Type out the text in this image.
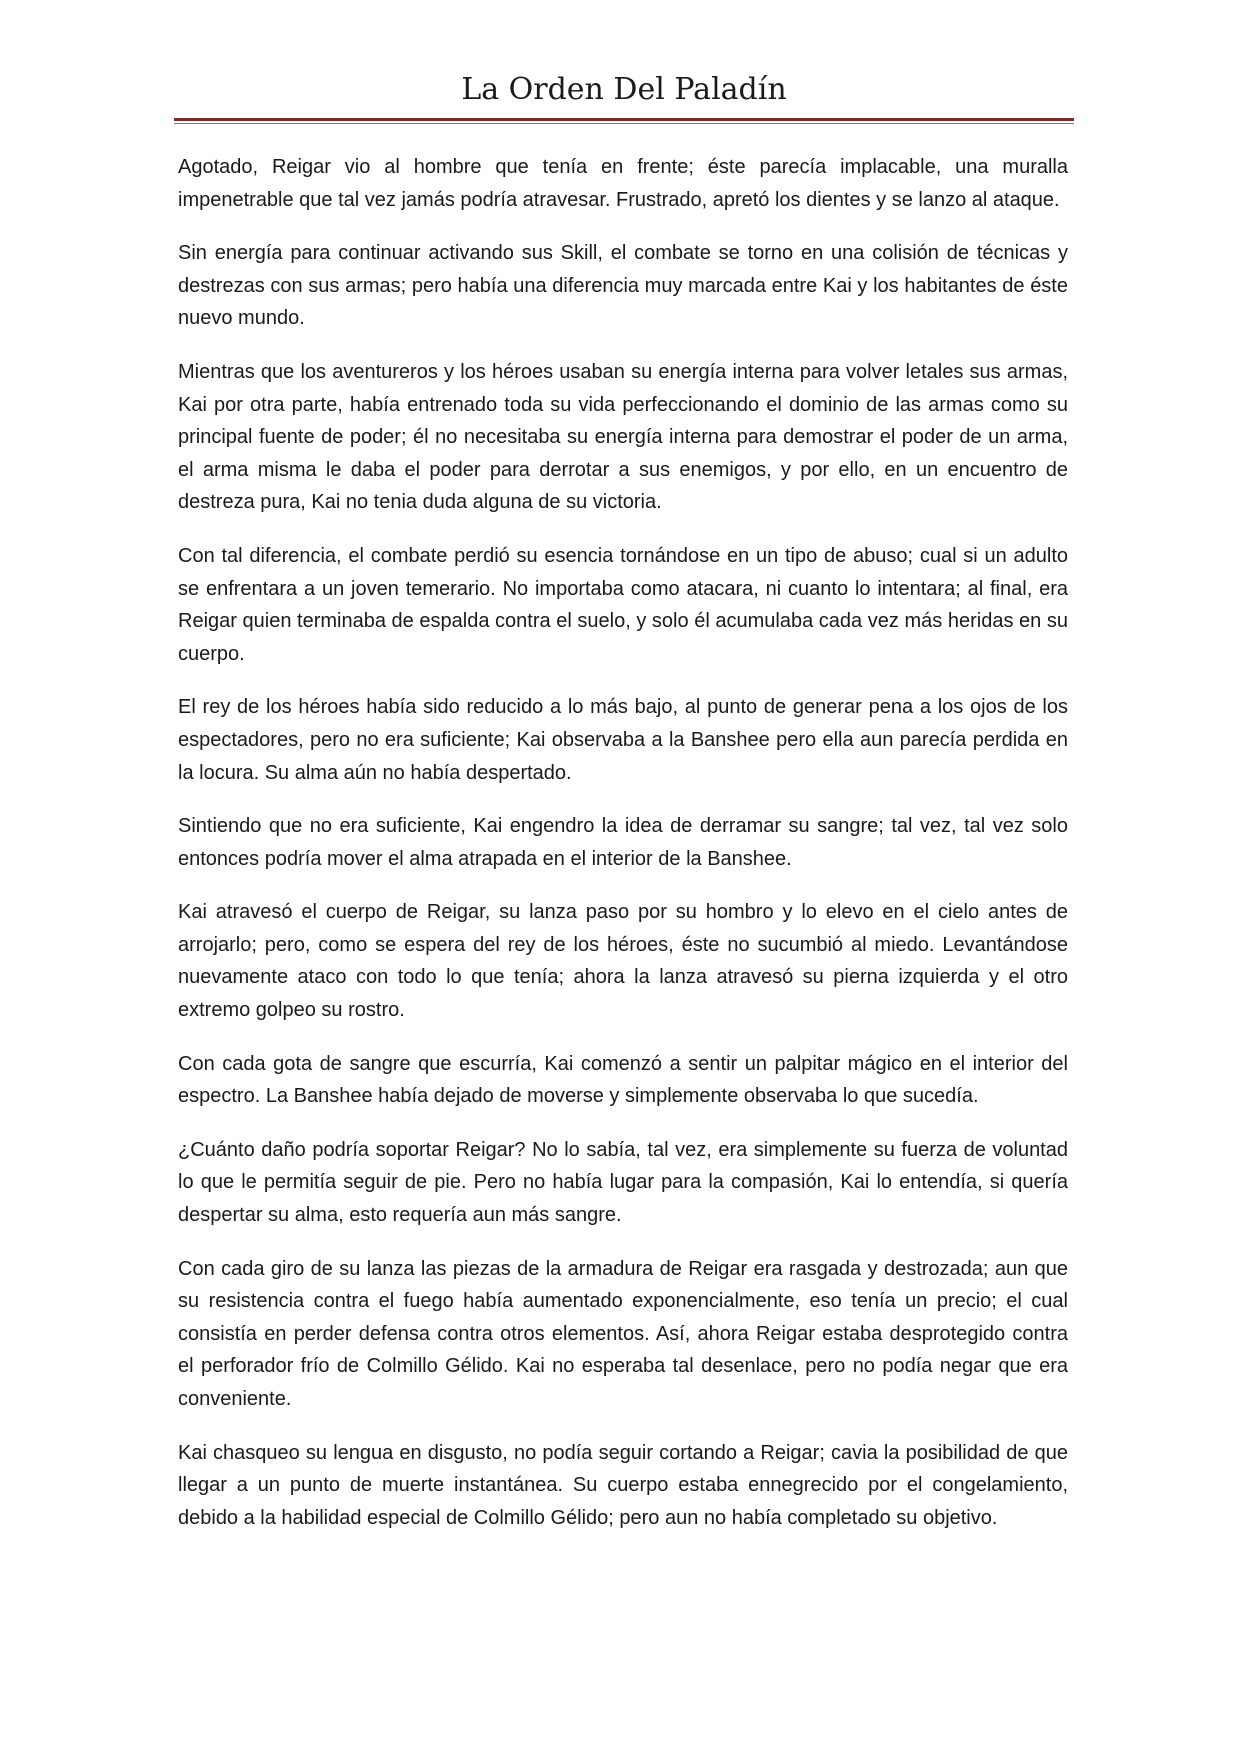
La Orden Del Paladín

Agotado, Reigar vio al hombre que tenía en frente; éste parecía implacable, una muralla impenetrable que tal vez jamás podría atravesar. Frustrado, apretó los dientes y se lanzo al ataque.

Sin energía para continuar activando sus Skill, el combate se torno en una colisión de técnicas y destrezas con sus armas; pero había una diferencia muy marcada entre Kai y los habitantes de éste nuevo mundo.

Mientras que los aventureros y los héroes usaban su energía interna para volver letales sus armas, Kai por otra parte, había entrenado toda su vida perfeccionando el dominio de las armas como su principal fuente de poder; él no necesitaba su energía interna para demostrar el poder de un arma, el arma misma le daba el poder para derrotar a sus enemigos, y por ello, en un encuentro de destreza pura, Kai no tenia duda alguna de su victoria.

Con tal diferencia, el combate perdió su esencia tornándose en un tipo de abuso; cual si un adulto se enfrentara a un joven temerario. No importaba como atacara, ni cuanto lo intentara; al final, era Reigar quien terminaba de espalda contra el suelo, y solo él acumulaba cada vez más heridas en su cuerpo.

El rey de los héroes había sido reducido a lo más bajo, al punto de generar pena a los ojos de los espectadores, pero no era suficiente; Kai observaba a la Banshee pero ella aun parecía perdida en la locura. Su alma aún no había despertado.

Sintiendo que no era suficiente, Kai engendro la idea de derramar su sangre; tal vez, tal vez solo entonces podría mover el alma atrapada en el interior de la Banshee.

Kai atravesó el cuerpo de Reigar, su lanza paso por su hombro y lo elevo en el cielo antes de arrojarlo; pero, como se espera del rey de los héroes, éste no sucumbió al miedo. Levantándose nuevamente ataco con todo lo que tenía; ahora la lanza atravesó su pierna izquierda y el otro extremo golpeo su rostro.

Con cada gota de sangre que escurría, Kai comenzó a sentir un palpitar mágico en el interior del espectro. La Banshee había dejado de moverse y simplemente observaba lo que sucedía.

¿Cuánto daño podría soportar Reigar? No lo sabía, tal vez, era simplemente su fuerza de voluntad lo que le permitía seguir de pie. Pero no había lugar para la compasión, Kai lo entendía, si quería despertar su alma, esto requería aun más sangre.

Con cada giro de su lanza las piezas de la armadura de Reigar era rasgada y destrozada; aun que su resistencia contra el fuego había aumentado exponencialmente, eso tenía un precio; el cual consistía en perder defensa contra otros elementos. Así, ahora Reigar estaba desprotegido contra el perforador frío de Colmillo Gélido. Kai no esperaba tal desenlace, pero no podía negar que era conveniente.

Kai chasqueo su lengua en disgusto, no podía seguir cortando a Reigar; cavia la posibilidad de que llegar a un punto de muerte instantánea. Su cuerpo estaba ennegrecido por el congelamiento, debido a la habilidad especial de Colmillo Gélido; pero aun no había completado su objetivo.
